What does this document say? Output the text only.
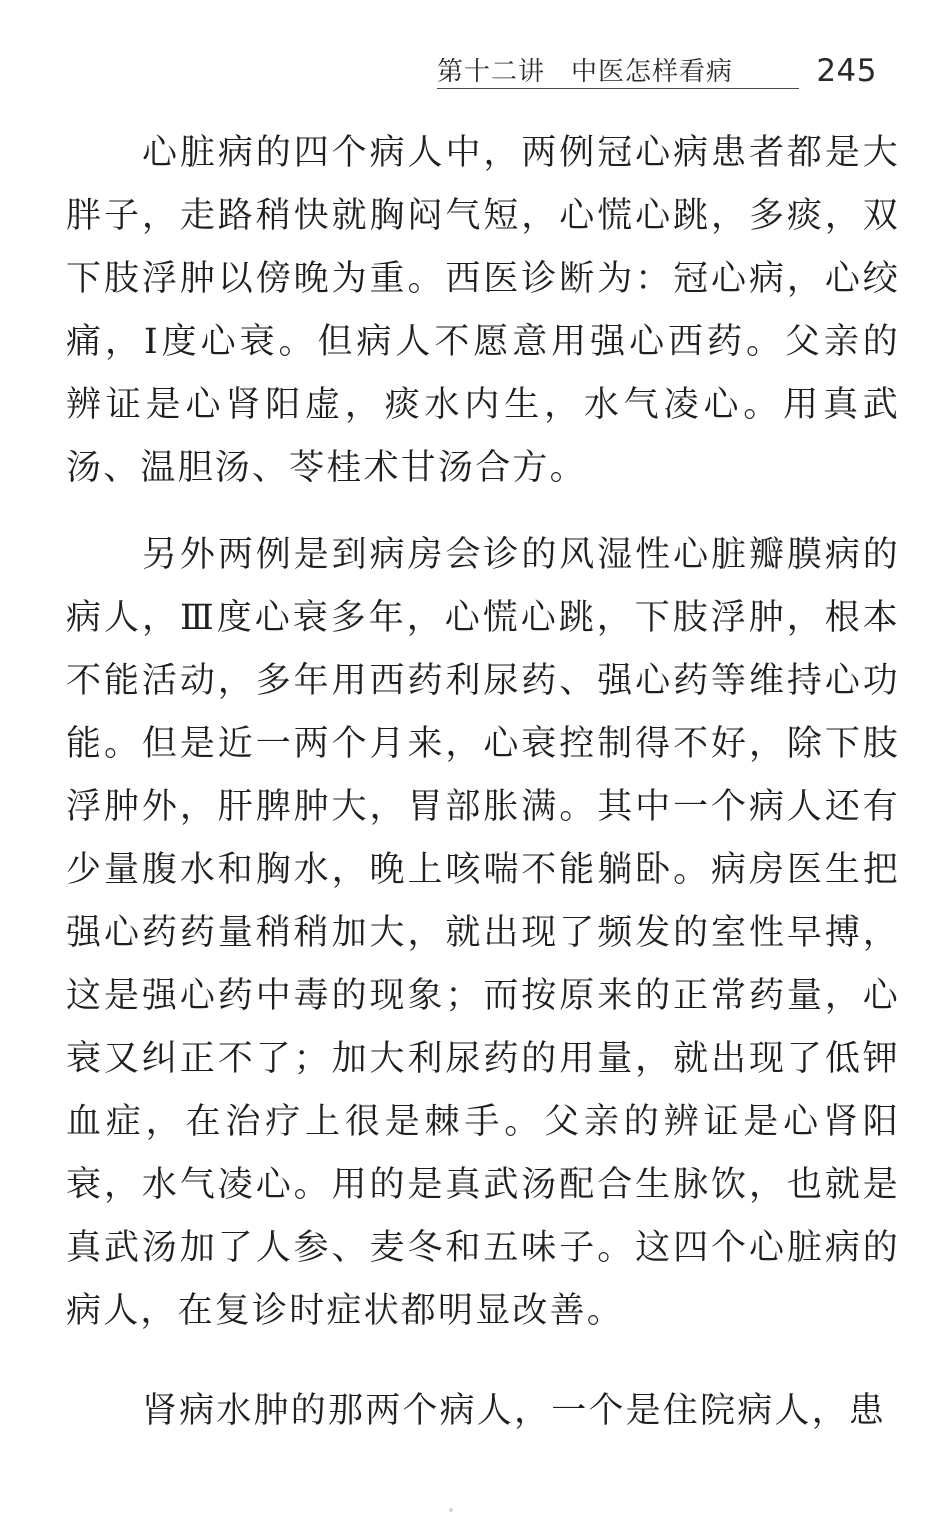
第十二讲 中医怎样看病	245

心脏病的四个病人中，两例冠心病患者都是大胖子，走路稍快就胸闷气短，心慌心跳，多痰，双下肢浮肿以傍晚为重。西医诊断为：冠心病，心绞痛，Ⅰ度心衰。但病人不愿意用强心西药。父亲的辨证是心肾阳虚，痰水内生，水气凌心。用真武汤、温胆汤、苓桂术甘汤合方。

另外两例是到病房会诊的风湿性心脏瓣膜病的病人，Ⅲ度心衰多年，心慌心跳，下肢浮肿，根本不能活动，多年用西药利尿药、强心药等维持心功能。但是近一两个月来，心衰控制得不好，除下肢浮肿外，肝脾肿大，胃部胀满。其中一个病人还有少量腹水和胸水，晚上咳喘不能躺卧。病房医生把强心药药量稍稍加大，就出现了频发的室性早搏，这是强心药中毒的现象；而按原来的正常药量，心衰又纠正不了；加大利尿药的用量，就出现了低钾血症，在治疗上很是棘手。父亲的辨证是心肾阳衰，水气凌心。用的是真武汤配合生脉饮，也就是真武汤加了人参、麦冬和五味子。这四个心脏病的病人，在复诊时症状都明显改善。

肾病水肿的那两个病人，一个是住院病人，患
